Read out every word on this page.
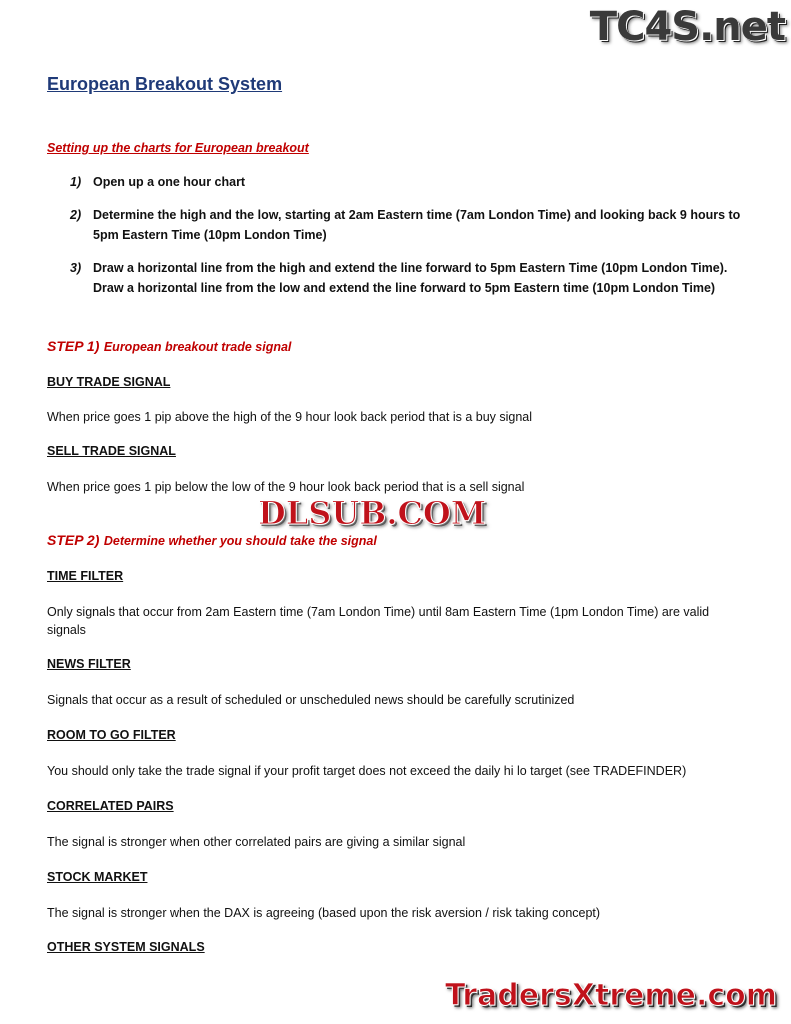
TC4S.net
European Breakout System
Setting up the charts for European breakout
1) Open up a one hour chart
2) Determine the high and the low, starting at 2am Eastern time (7am London Time) and looking back 9 hours to 5pm Eastern Time (10pm London Time)
3) Draw a horizontal line from the high and extend the line forward to 5pm Eastern Time (10pm London Time). Draw a horizontal line from the low and extend the line forward to 5pm Eastern time (10pm London Time)
STEP 1) European breakout trade signal
BUY TRADE SIGNAL
When price goes 1 pip above the high of the 9 hour look back period that is a buy signal
SELL TRADE SIGNAL
When price goes 1 pip below the low of the 9 hour look back period that is a sell signal
DLSUB.COM
STEP 2) Determine whether you should take the signal
TIME FILTER
Only signals that occur from 2am Eastern time (7am London Time) until 8am Eastern Time (1pm London Time) are valid signals
NEWS FILTER
Signals that occur as a result of scheduled or unscheduled news should be carefully scrutinized
ROOM TO GO FILTER
You should only take the trade signal if your profit target does not exceed the daily hi lo target (see TRADEFINDER)
CORRELATED PAIRS
The signal is stronger when other correlated pairs are giving a similar signal
STOCK MARKET
The signal is stronger when the DAX is agreeing (based upon the risk aversion / risk taking concept)
OTHER SYSTEM SIGNALS
TradersXtreme.com
